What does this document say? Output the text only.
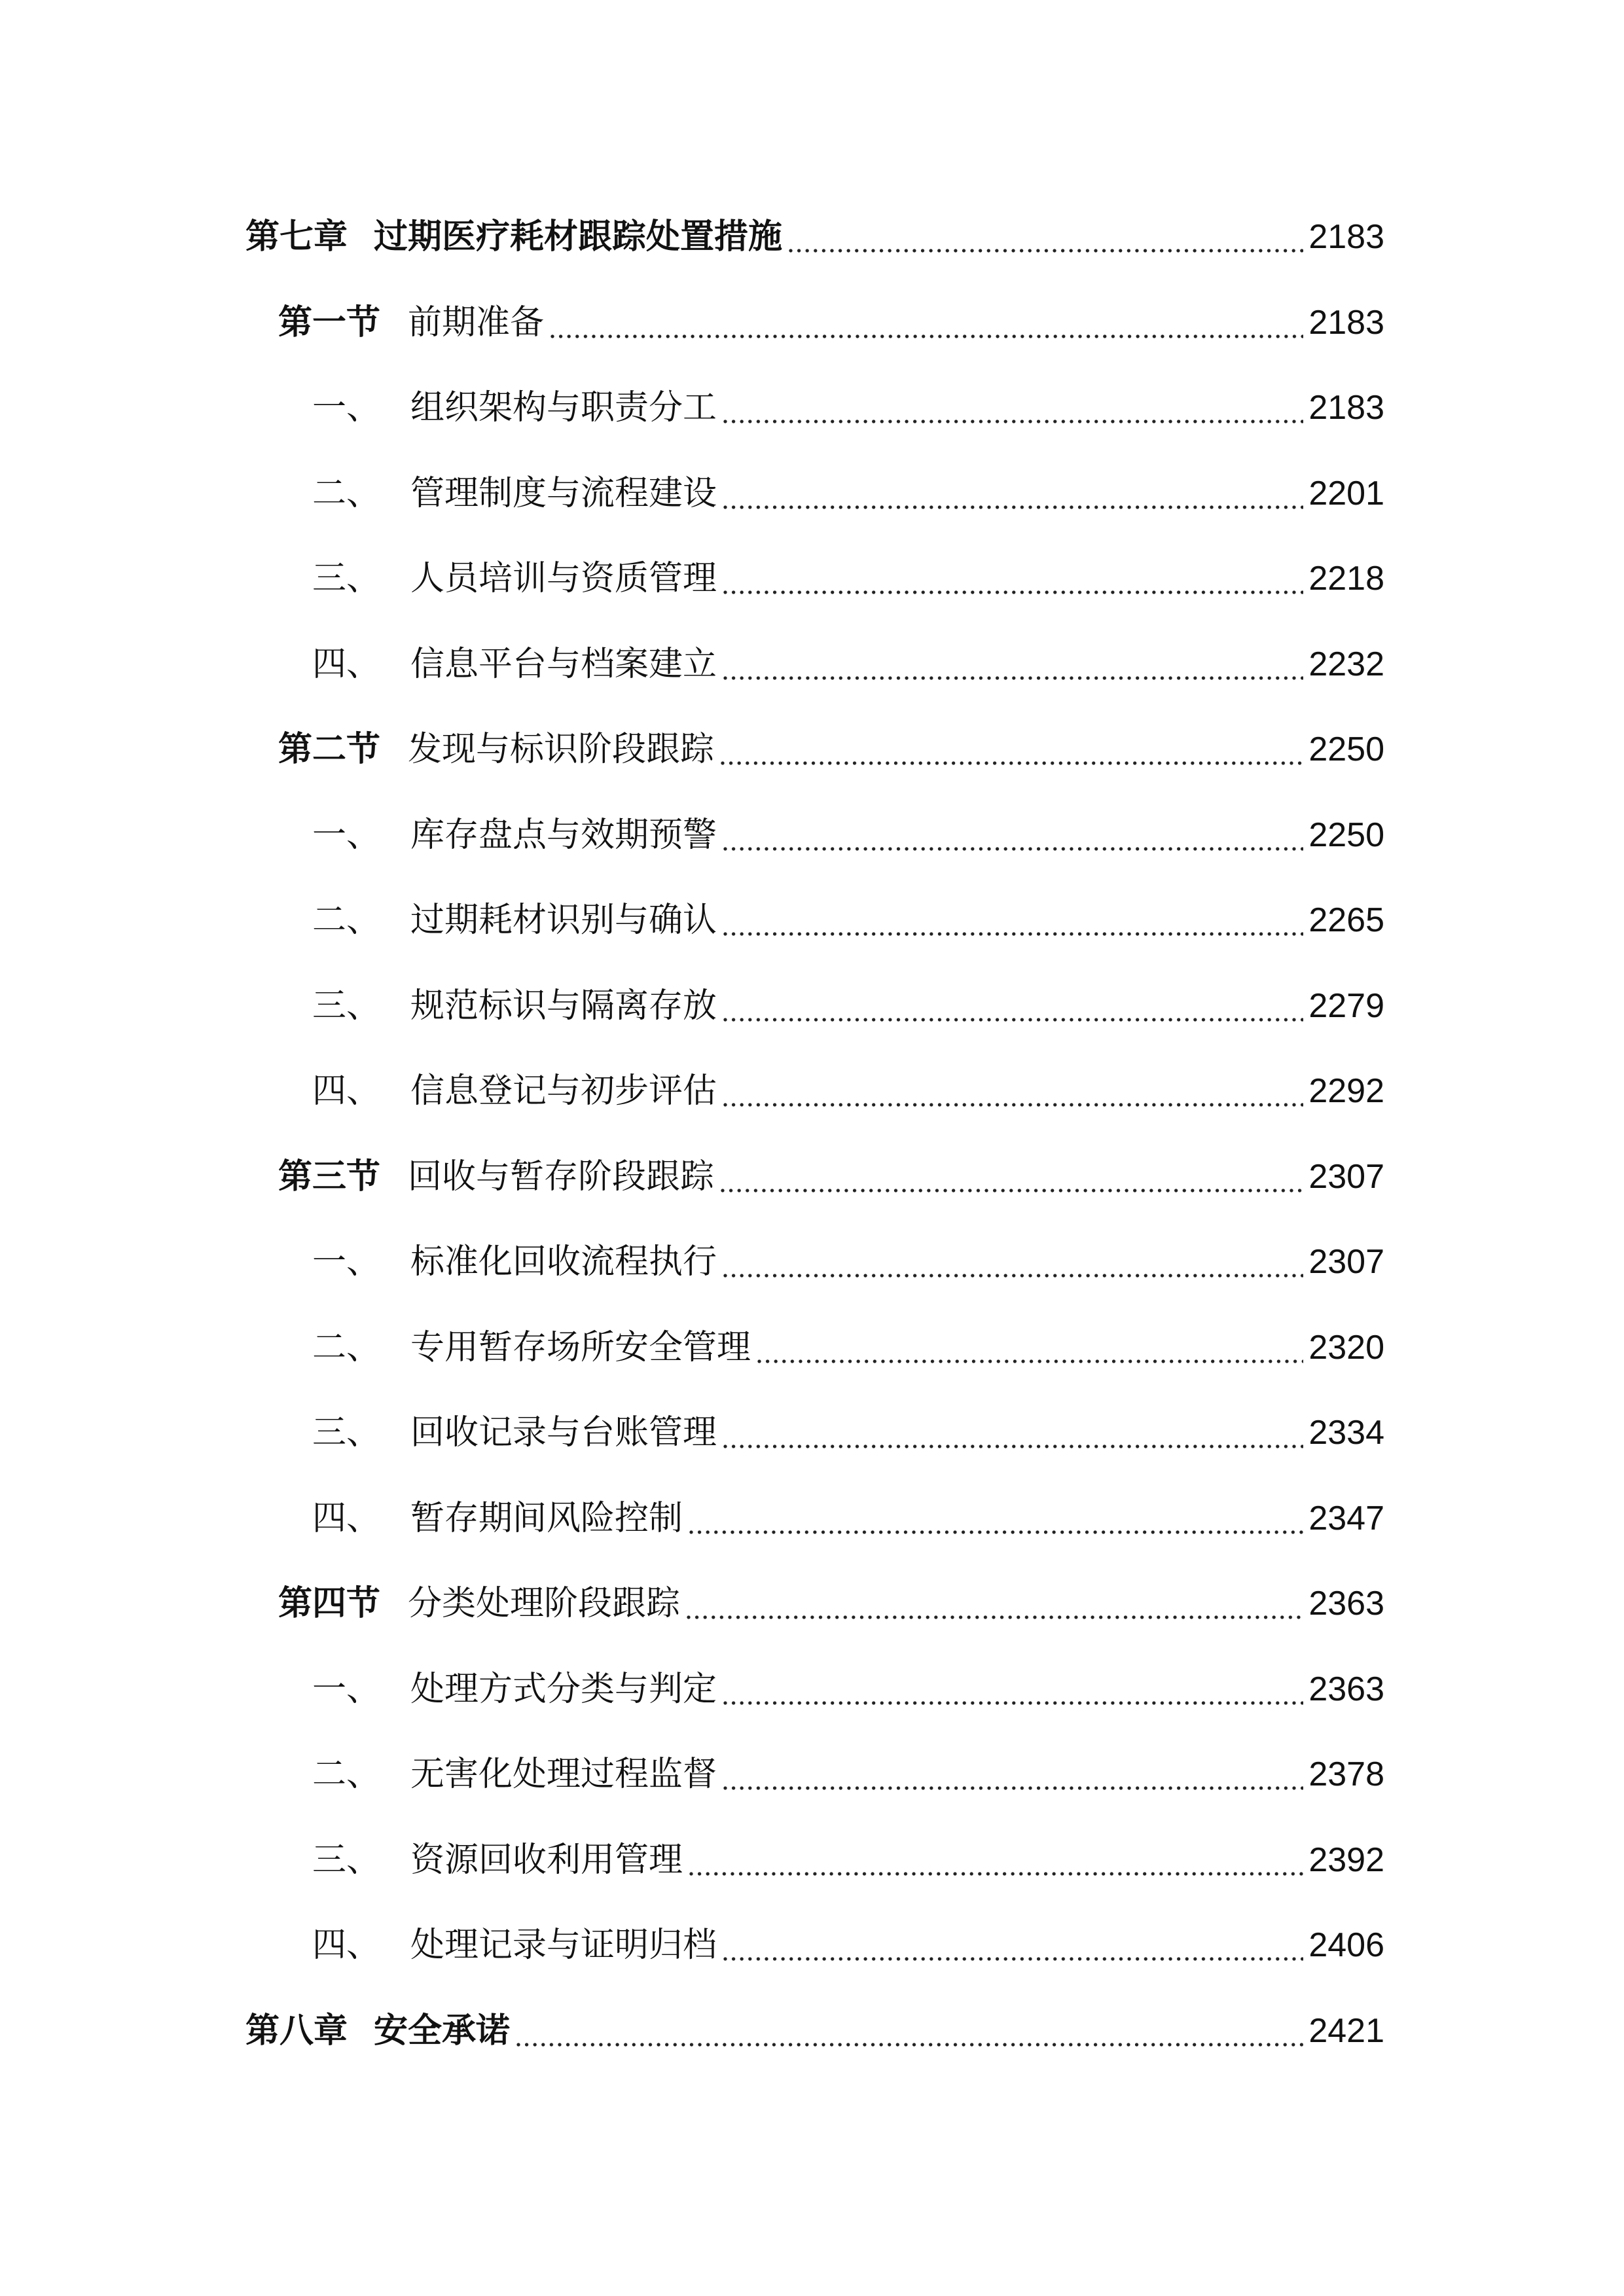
第七章 过期医疗耗材跟踪处置措施	2183
第一节 前期准备	2183
一、 组织架构与职责分工	2183
二、 管理制度与流程建设	2201
三、 人员培训与资质管理	2218
四、 信息平台与档案建立	2232
第二节 发现与标识阶段跟踪	2250
一、 库存盘点与效期预警	2250
二、 过期耗材识别与确认	2265
三、 规范标识与隔离存放	2279
四、 信息登记与初步评估	2292
第三节 回收与暂存阶段跟踪	2307
一、 标准化回收流程执行	2307
二、 专用暂存场所安全管理	2320
三、 回收记录与台账管理	2334
四、 暂存期间风险控制	2347
第四节 分类处理阶段跟踪	2363
一、 处理方式分类与判定	2363
二、 无害化处理过程监督	2378
三、 资源回收利用管理	2392
四、 处理记录与证明归档	2406
第八章 安全承诺	2421
